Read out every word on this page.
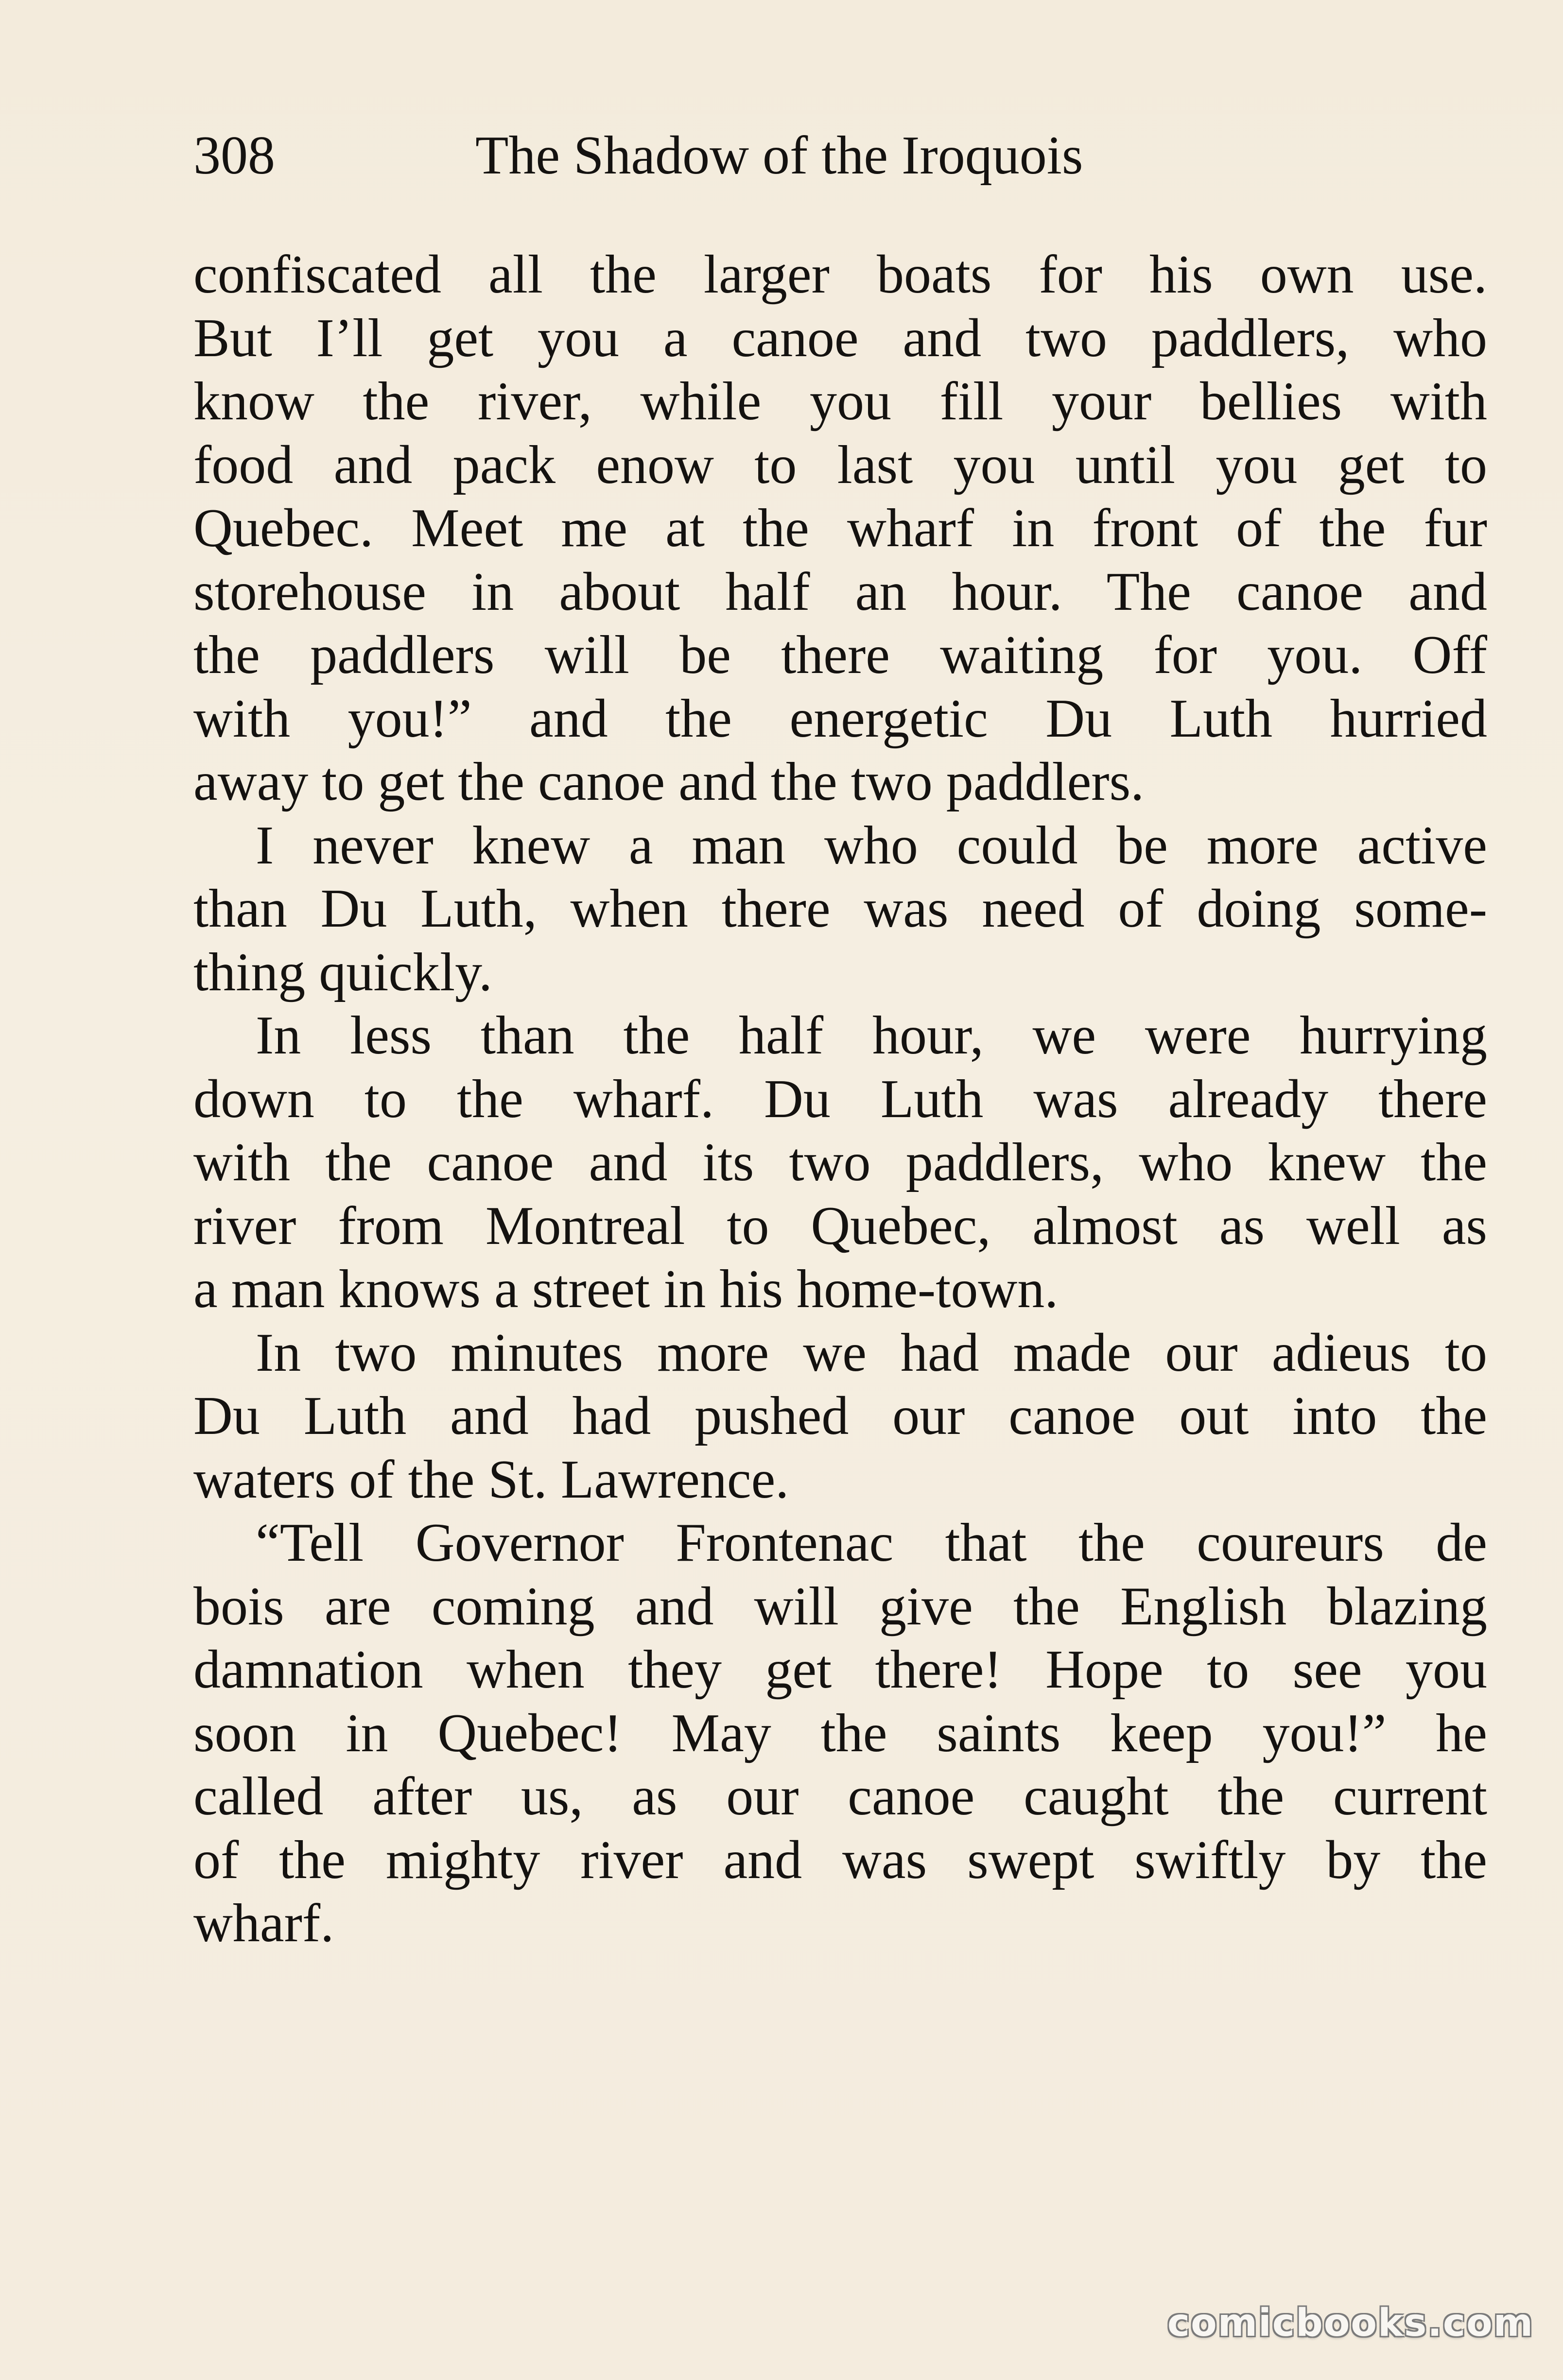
308	The Shadow of the Iroquois
confiscated all the larger boats for his own use.
But I’ll get you a canoe and two paddlers, who
know the river, while you fill your bellies with
food and pack enow to last you until you get to
Quebec. Meet me at the wharf in front of the fur
storehouse in about half an hour. The canoe and
the paddlers will be there waiting for you. Off
with you!” and the energetic Du Luth hurried
away to get the canoe and the two paddlers.
I never knew a man who could be more active
than Du Luth, when there was need of doing some-
thing quickly.
In less than the half hour, we were hurrying
down to the wharf. Du Luth was already there
with the canoe and its two paddlers, who knew the
river from Montreal to Quebec, almost as well as
a man knows a street in his home-town.
In two minutes more we had made our adieus to
Du Luth and had pushed our canoe out into the
waters of the St. Lawrence.
“Tell Governor Frontenac that the coureurs de
bois are coming and will give the English blazing
damnation when they get there! Hope to see you
soon in Quebec! May the saints keep you!” he
called after us, as our canoe caught the current
of the mighty river and was swept swiftly by the
wharf.
comicbooks.com
